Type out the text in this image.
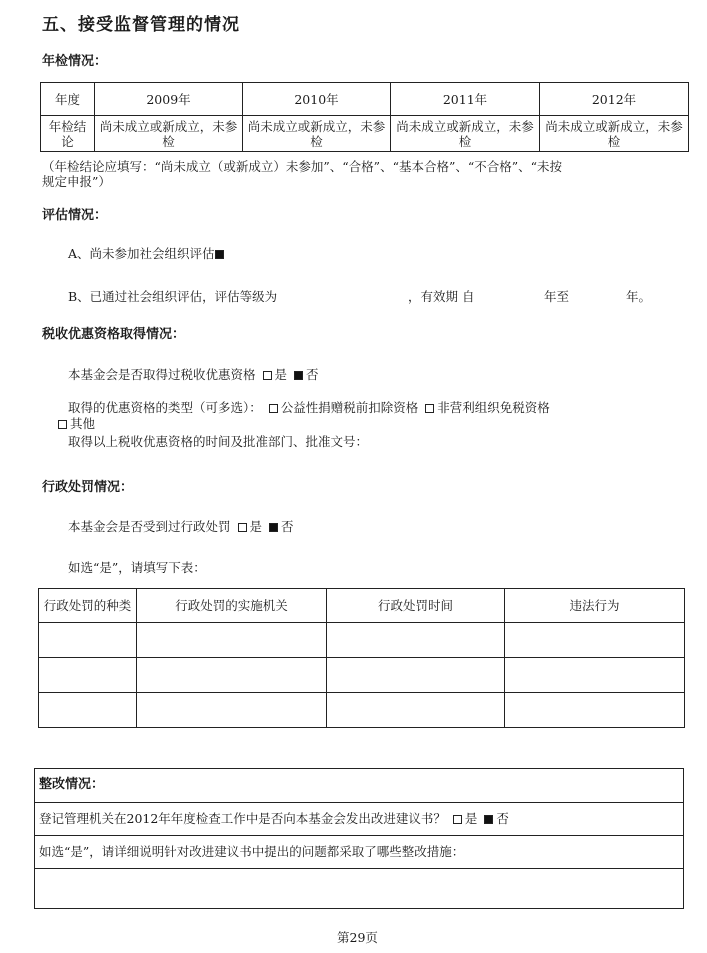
五、接受监督管理的情况
年检情况：
年度	2009年	2010年	2011年	2012年
年检结论	尚未成立或新成立，未参检	尚未成立或新成立，未参检	尚未成立或新成立，未参检	尚未成立或新成立，未参检
（年检结论应填写：“尚未成立（或新成立）未参加”、“合格”、“基本合格”、“不合格”、“未按
规定申报”）
评估情况：
A、尚未参加社会组织评估
B、已通过社会组织评估，评估等级为	，有效期 自	年至	年。
税收优惠资格取得情况：
本基金会是否取得过税收优惠资格 是 否
取得的优惠资格的类型（可多选）： 公益性捐赠税前扣除资格 非营利组织免税资格
其他
取得以上税收优惠资格的时间及批准部门、批准文号：
行政处罚情况：
本基金会是否受到过行政处罚 是 否
如选“是”，请填写下表：
行政处罚的种类	行政处罚的实施机关	行政处罚时间	违法行为

整改情况：
登记管理机关在2012年年度检查工作中是否向本基金会发出改进建议书？ 是 否
如选“是”，请详细说明针对改进建议书中提出的问题都采取了哪些整改措施：
第29页
